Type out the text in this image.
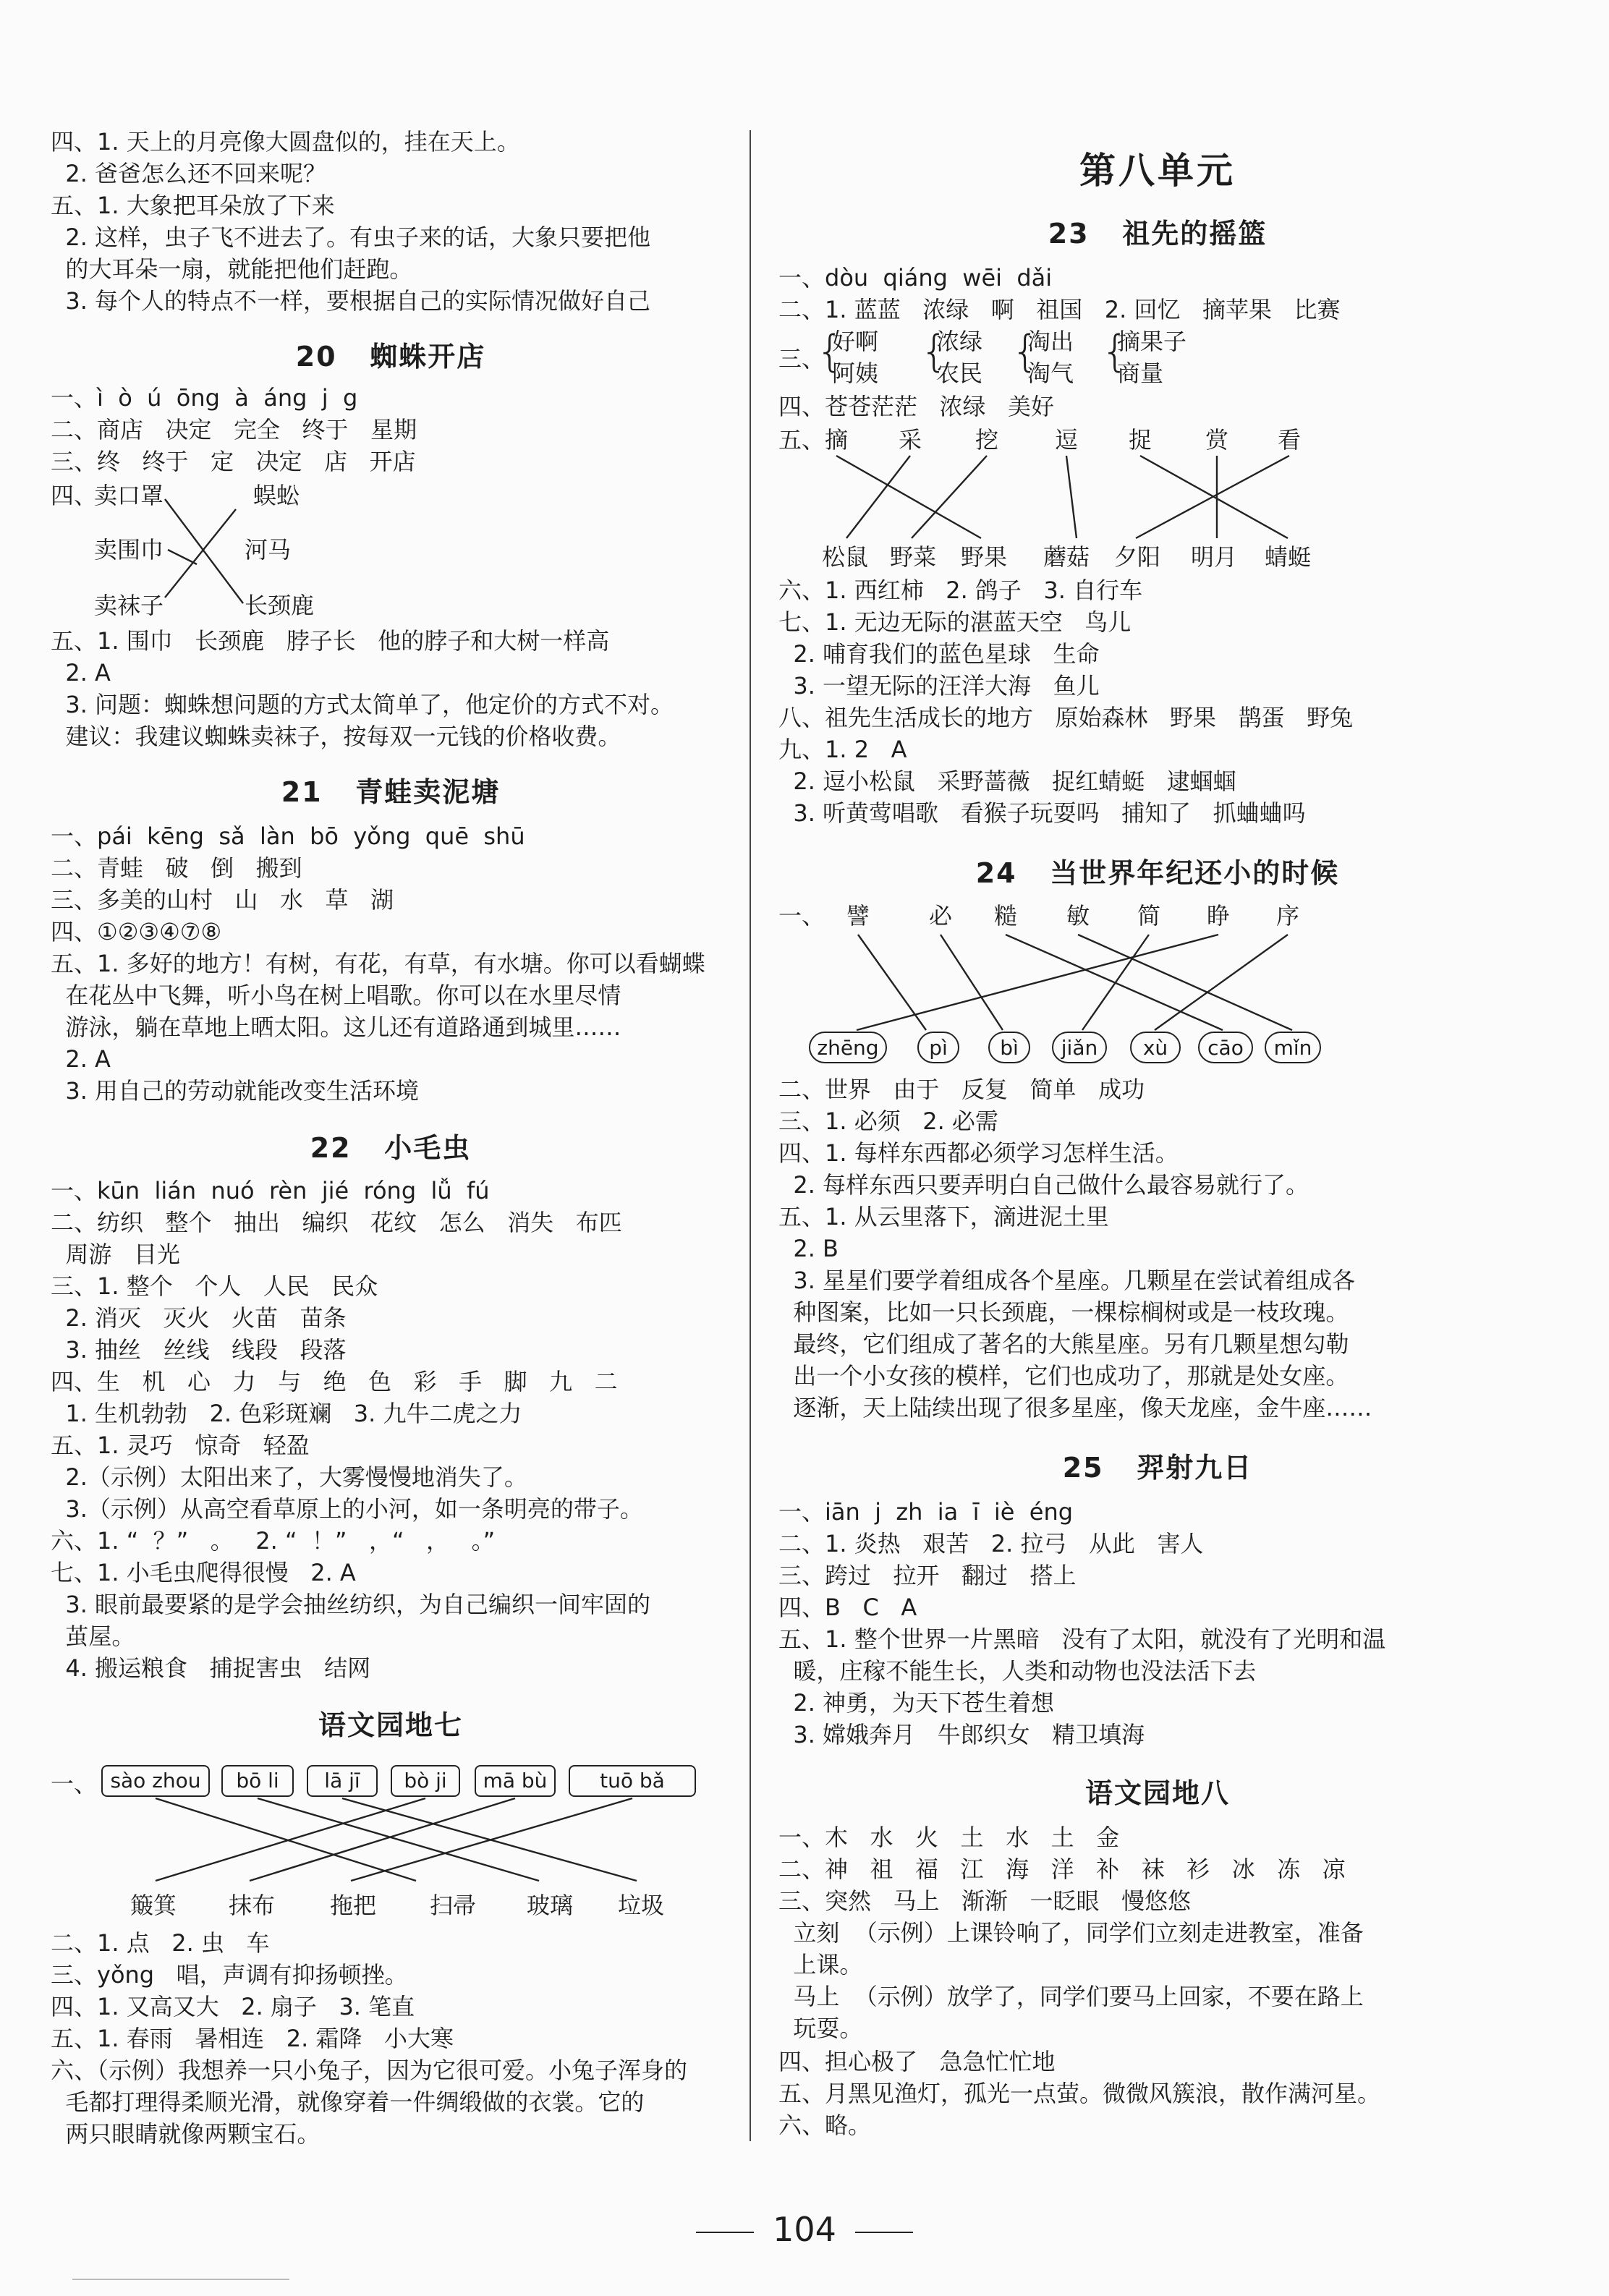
四、1. 天上的月亮像大圆盘似的，挂在天上。
2. 爸爸怎么还不回来呢？
五、1. 大象把耳朵放了下来
2. 这样，虫子飞不进去了。有虫子来的话，大象只要把他
的大耳朵一扇，就能把他们赶跑。
3. 每个人的特点不一样，要根据自己的实际情况做好自己
20   蜘蛛开店
一、ì  ò  ú  ōng  à  áng  j  g
二、商店   决定   完全   终于   星期
三、终   终于   定   决定   店   开店
四、
卖口罩
卖围巾
卖袜子
蜈蚣
河马
长颈鹿
五、1. 围巾   长颈鹿   脖子长   他的脖子和大树一样高
2. A
3. 问题：蜘蛛想问题的方式太简单了，他定价的方式不对。
建议：我建议蜘蛛卖袜子，按每双一元钱的价格收费。
21   青蛙卖泥塘
一、pái  kēng  sǎ  làn  bō  yǒng  quē  shū
二、青蛙   破   倒   搬到
三、多美的山村   山   水   草   湖
四、①②③④⑦⑧
五、1. 多好的地方！有树，有花，有草，有水塘。你可以看蝴蝶
在花丛中飞舞，听小鸟在树上唱歌。你可以在水里尽情
游泳，躺在草地上晒太阳。这儿还有道路通到城里……
2. A
3. 用自己的劳动就能改变生活环境
22   小毛虫
一、kūn  lián  nuó  rèn  jié  róng  lǚ  fú
二、纺织   整个   抽出   编织   花纹   怎么   消失   布匹
周游   目光
三、1. 整个   个人   人民   民众
2. 消灭   灭火   火苗   苗条
3. 抽丝   丝线   线段   段落
四、生   机   心   力   与   绝   色   彩   手   脚   九   二
1. 生机勃勃   2. 色彩斑斓   3. 九牛二虎之力
五、1. 灵巧   惊奇   轻盈
2.（示例）太阳出来了，大雾慢慢地消失了。
3.（示例）从高空看草原上的小河，如一条明亮的带子。
六、1. “  ？”   。   2. “  ！”   ，“   ，   。”
七、1. 小毛虫爬得很慢   2. A
3. 眼前最要紧的是学会抽丝纺织，为自己编织一间牢固的
茧屋。
4. 搬运粮食   捕捉害虫   结网
语文园地七
一、 sào zhou	bō li	lā jī	bò ji	mā bù	tuō bǎ
簸箕 抹布 拖把 扫帚 玻璃 垃圾
二、1. 点   2. 虫   车
三、yǒng   唱，声调有抑扬顿挫。
四、1. 又高又大   2. 扇子   3. 笔直
五、1. 春雨   暑相连   2. 霜降   小大寒
六、（示例）我想养一只小兔子，因为它很可爱。小兔子浑身的
毛都打理得柔顺光滑，就像穿着一件绸缎做的衣裳。它的
两只眼睛就像两颗宝石。
第八单元
23   祖先的摇篮
一、dòu  qiáng  wēi  dǎi
二、1. 蓝蓝   浓绿   啊   祖国   2. 回忆   摘苹果   比赛
三、
{
好啊
阿姨 {
浓绿
农民 {
淘出
淘气 {
摘果子
商量
四、苍苍茫茫   浓绿   美好
五、 摘 采 挖 逗 捉 赏 看
松鼠 野菜 野果 蘑菇 夕阳 明月 蜻蜓
六、1. 西红柿   2. 鸽子   3. 自行车
七、1. 无边无际的湛蓝天空   鸟儿
2. 哺育我们的蓝色星球   生命
3. 一望无际的汪洋大海   鱼儿
八、祖先生活成长的地方   原始森林   野果   鹊蛋   野兔
九、1. 2   A
2. 逗小松鼠   采野蔷薇   捉红蜻蜓   逮蝈蝈
3. 听黄莺唱歌   看猴子玩耍吗   捕知了   抓蛐蛐吗
24   当世界年纪还小的时候
一、 譬	必 糙 敏 简 睁 序
zhēng	pì	bì	jiǎn	xù	cāo	mǐn
二、世界   由于   反复   简单   成功
三、1. 必须   2. 必需
四、1. 每样东西都必须学习怎样生活。
2. 每样东西只要弄明白自己做什么最容易就行了。
五、1. 从云里落下，滴进泥土里
2. B
3. 星星们要学着组成各个星座。几颗星在尝试着组成各
种图案，比如一只长颈鹿，一棵棕榈树或是一枝玫瑰。
最终，它们组成了著名的大熊星座。另有几颗星想勾勒
出一个小女孩的模样，它们也成功了，那就是处女座。
逐渐，天上陆续出现了很多星座，像天龙座，金牛座……
25   羿射九日
一、iān  j  zh  ia  ī  iè  éng
二、1. 炎热   艰苦   2. 拉弓   从此   害人
三、跨过   拉开   翻过   搭上
四、B   C   A
五、1. 整个世界一片黑暗   没有了太阳，就没有了光明和温
暖，庄稼不能生长，人类和动物也没法活下去
2. 神勇，为天下苍生着想
3. 嫦娥奔月   牛郎织女   精卫填海
语文园地八
一、木   水   火   土   水   土   金
二、神   祖   福   江   海   洋   补   袜   衫   冰   冻   凉
三、突然   马上   渐渐   一眨眼   慢悠悠
立刻  （示例）上课铃响了，同学们立刻走进教室，准备
上课。
马上  （示例）放学了，同学们要马上回家，不要在路上
玩耍。
四、担心极了   急急忙忙地
五、月黑见渔灯，孤光一点萤。微微风簇浪，散作满河星。
六、略。
104
